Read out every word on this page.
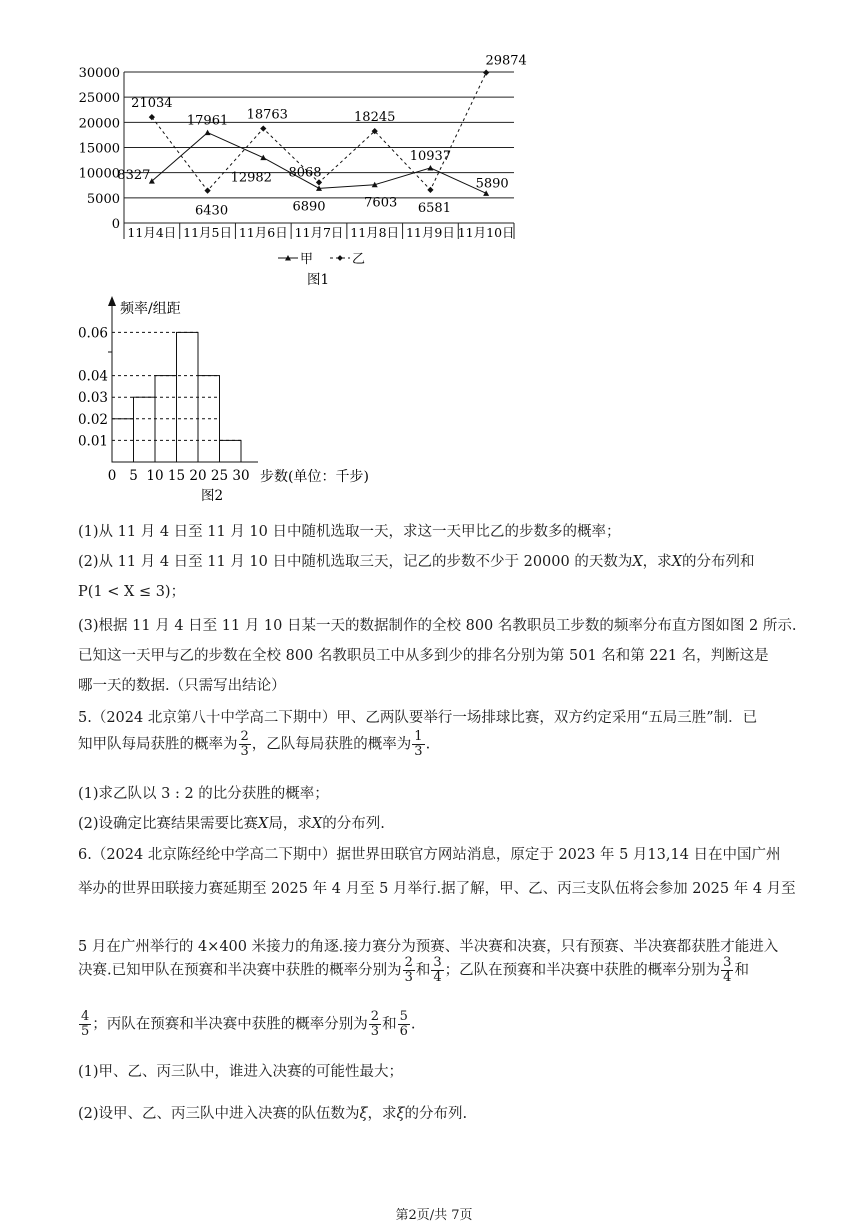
0
5000
10000
15000
20000
25000
30000
11月4日 11月5日 11月6日 11月7日 11月8日 11月9日 11月10日
8327
17961
12982
6890	7603
10937
5890
21034
6430
18763
8068
18245
6581
29874
甲	乙
图1
0.01
0.02
0.03
0.04
0.06
0 5 10 15 20 25 30
频率/组距
步数(单位：千步)
图2
(1)从 11 月 4 日至 11 月 10 日中随机选取一天，求这一天甲比乙的步数多的概率；
(2)从 11 月 4 日至 11 月 10 日中随机选取三天，记乙的步数不少于 20000 的天数为X，求X的分布列和
P(1 < X ≤ 3)；
(3)根据 11 月 4 日至 11 月 10 日某一天的数据制作的全校 800 名教职员工步数的频率分布直方图如图 2 所示.
已知这一天甲与乙的步数在全校 800 名教职员工中从多到少的排名分别为第 501 名和第 221 名，判断这是
哪一天的数据.（只需写出结论）
5.（2024 北京第八十中学高二下期中）甲、乙两队要举行一场排球比赛，双方约定采用“五局三胜”制．已
知甲队每局获胜的概率为 $\frac{2}{3}$ ，乙队每局获胜的概率为 $\frac{1}{3}$ .
(1)求乙队以 3 : 2 的比分获胜的概率；
(2)设确定比赛结果需要比赛X局，求X的分布列.
6.（2024 北京陈经纶中学高二下期中）据世界田联官方网站消息，原定于 2023 年 5 月13,14 日在中国广州
举办的世界田联接力赛延期至 2025 年 4 月至 5 月举行.据了解，甲、乙、丙三支队伍将会参加 2025 年 4 月至
5 月在广州举行的 4×400 米接力的角逐.接力赛分为预赛、半决赛和决赛，只有预赛、半决赛都获胜才能进入
决赛.已知甲队在预赛和半决赛中获胜的概率分别为 $\frac{2}{3}$ 和 $\frac{3}{4}$ ；乙队在预赛和半决赛中获胜的概率分别为 $\frac{3}{4}$ 和
$\frac{4}{5}$ ；丙队在预赛和半决赛中获胜的概率分别为 $\frac{2}{3}$ 和 $\frac{5}{6}$ .
(1)甲、乙、丙三队中，谁进入决赛的可能性最大；
(2)设甲、乙、丙三队中进入决赛的队伍数为ξ，求ξ的分布列.
第2页/共 7页
